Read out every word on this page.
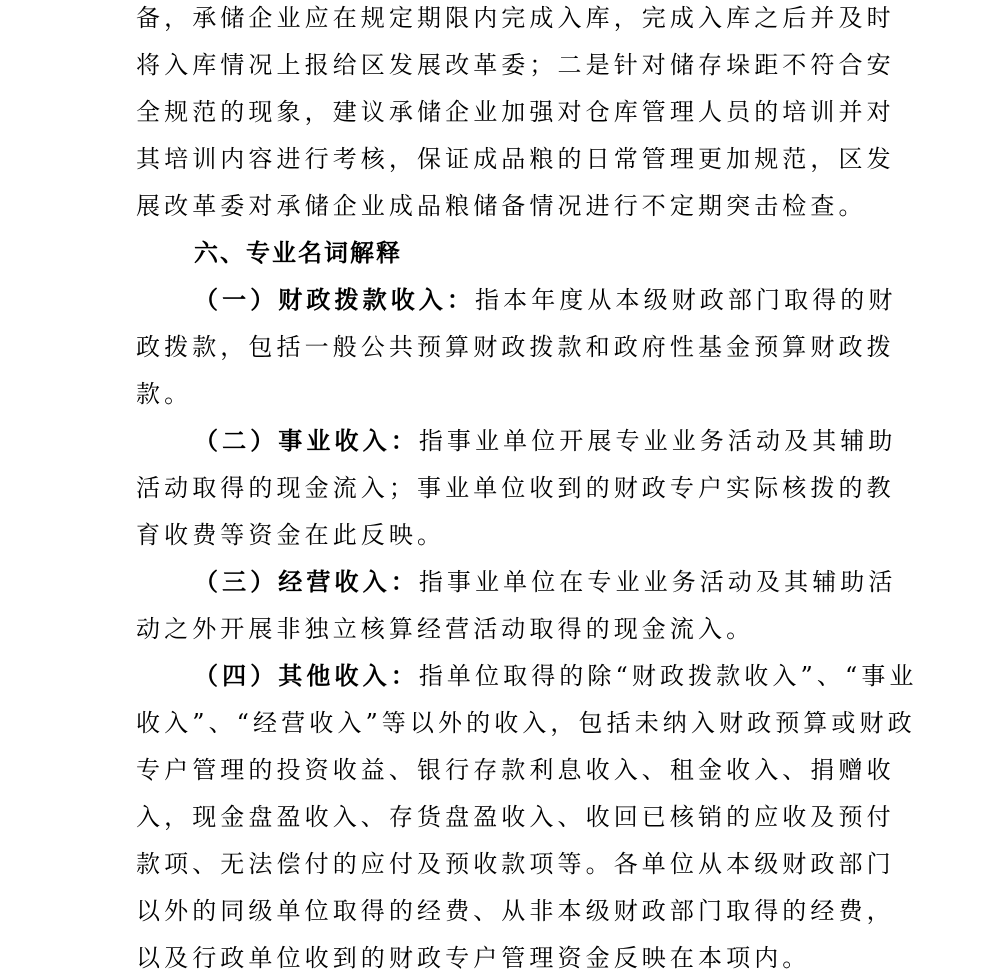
备，承储企业应在规定期限内完成入库，完成入库之后并及时
将入库情况上报给区发展改革委；二是针对储存垛距不符合安
全规范的现象，建议承储企业加强对仓库管理人员的培训并对
其培训内容进行考核，保证成品粮的日常管理更加规范，区发
展改革委对承储企业成品粮储备情况进行不定期突击检查。
六、专业名词解释
（一）财政拨款收入：指本年度从本级财政部门取得的财
政拨款，包括一般公共预算财政拨款和政府性基金预算财政拨
款。
（二）事业收入：指事业单位开展专业业务活动及其辅助
活动取得的现金流入；事业单位收到的财政专户实际核拨的教
育收费等资金在此反映。
（三）经营收入：指事业单位在专业业务活动及其辅助活
动之外开展非独立核算经营活动取得的现金流入。
（四）其他收入：指单位取得的除“财政拨款收入”、“事业
收入”、“经营收入”等以外的收入，包括未纳入财政预算或财政
专户管理的投资收益、银行存款利息收入、租金收入、捐赠收
入，现金盘盈收入、存货盘盈收入、收回已核销的应收及预付
款项、无法偿付的应付及预收款项等。各单位从本级财政部门
以外的同级单位取得的经费、从非本级财政部门取得的经费，
以及行政单位收到的财政专户管理资金反映在本项内。
